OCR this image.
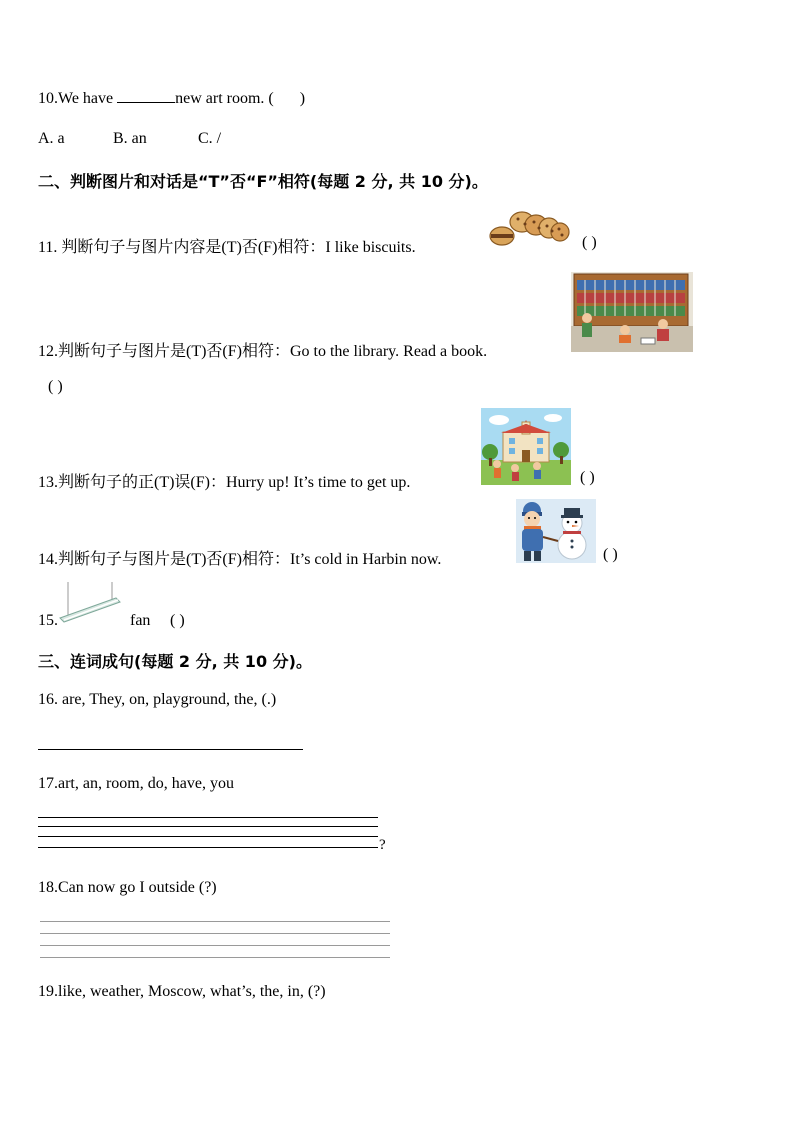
10.We have	new art room. ( )
A. a	B. an	C. /
二、判断图片和对话是“T”否“F”相符(每题 2 分, 共 10 分)。
11. 判断句子与图片内容是(T)否(F)相符：I like biscuits.	( )
12.判断句子与图片是(T)否(F)相符：Go to the library. Read a book.
( )
13.判断句子的正(T)误(F)：Hurry up! It’s time to get up.	( )
14.判断句子与图片是(T)否(F)相符：It’s cold in Harbin now.	( )
15.	fan ( )
三、连词成句(每题 2 分, 共 10 分)。
16. are, They, on, playground, the, (.)
17.art, an, room, do, have, you
?
18.Can now go I outside (?)
19.like, weather, Moscow, what’s, the, in, (?)
